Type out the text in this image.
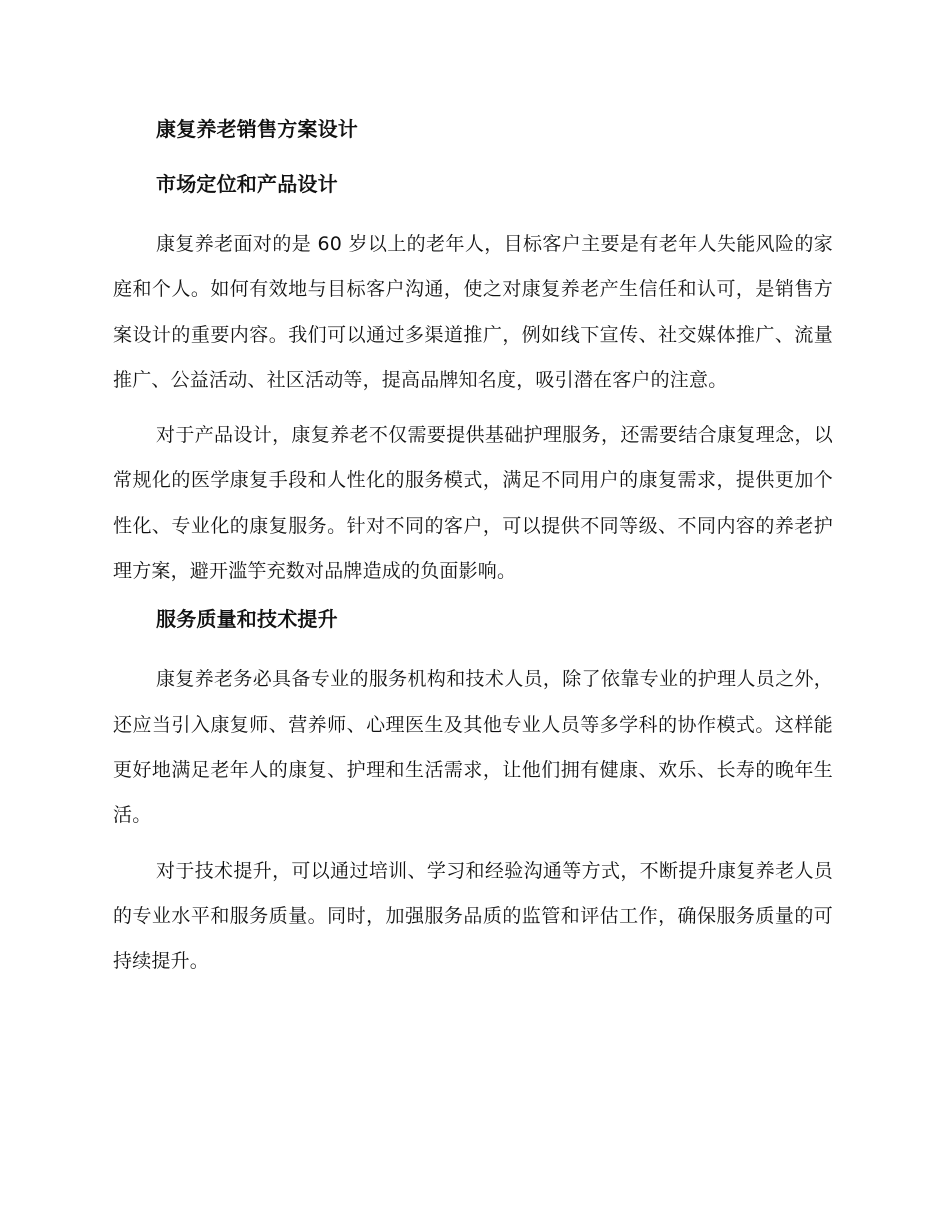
康复养老销售方案设计
市场定位和产品设计

康复养老面对的是 60 岁以上的老年人，目标客户主要是有老年人失能风险的家庭和个人。如何有效地与目标客户沟通，使之对康复养老产生信任和认可，是销售方案设计的重要内容。我们可以通过多渠道推广，例如线下宣传、社交媒体推广、流量推广、公益活动、社区活动等，提高品牌知名度，吸引潜在客户的注意。

对于产品设计，康复养老不仅需要提供基础护理服务，还需要结合康复理念，以常规化的医学康复手段和人性化的服务模式，满足不同用户的康复需求，提供更加个性化、专业化的康复服务。针对不同的客户，可以提供不同等级、不同内容的养老护理方案，避开滥竽充数对品牌造成的负面影响。

服务质量和技术提升

康复养老务必具备专业的服务机构和技术人员，除了依靠专业的护理人员之外，还应当引入康复师、营养师、心理医生及其他专业人员等多学科的协作模式。这样能更好地满足老年人的康复、护理和生活需求，让他们拥有健康、欢乐、长寿的晚年生活。

对于技术提升，可以通过培训、学习和经验沟通等方式，不断提升康复养老人员的专业水平和服务质量。同时，加强服务品质的监管和评估工作，确保服务质量的可持续提升。
